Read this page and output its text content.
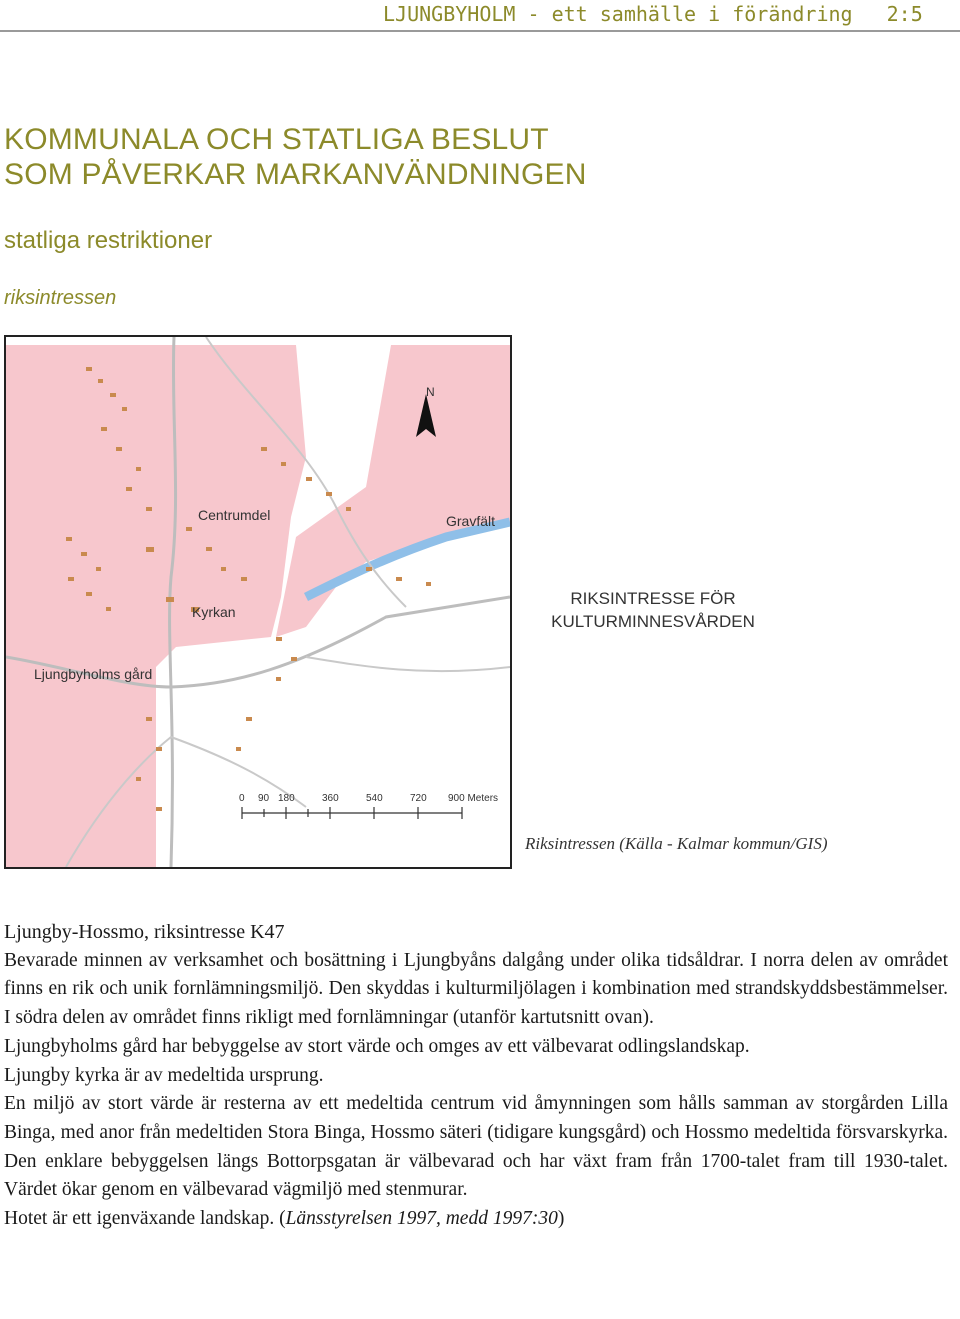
LJUNGBYHOLM - ett samhälle i förändring 2:5
KOMMUNALA OCH STATLIGA BESLUT
SOM PÅVERKAR MARKANVÄNDNINGEN
statliga restriktioner
riksintressen
N
Centrumdel	Gravfält
Kyrkan
Ljungbyholms gård
0 90 180	360	540	720 900 Meters
RIKSINTRESSE FÖR
KULTURMINNESVÅRDEN
Riksintressen (Källa - Kalmar kommun/GIS)

Ljungby-Hossmo, riksintresse K47

Bevarade minnen av verksamhet och bosättning i Ljungbyåns dalgång under olika tidsåldrar. I norra delen av området finns en rik och unik fornlämningsmiljö. Den skyddas i kulturmiljölagen i kombination med strandskyddsbestämmelser. I södra delen av området finns rikligt med fornlämningar (utanför kartutsnitt ovan).

Ljungbyholms gård har bebyggelse av stort värde och omges av ett välbevarat odlingslandskap.

Ljungby kyrka är av medeltida ursprung.

En miljö av stort värde är resterna av ett medeltida centrum vid åmynningen som hålls samman av storgården Lilla Binga, med anor från medeltiden Stora Binga, Hossmo säteri (tidigare kungsgård) och Hossmo medeltida försvarskyrka. Den enklare bebyggelsen längs Bottorpsgatan är välbevarad och har växt fram från 1700-talet fram till 1930-talet. Värdet ökar genom en välbevarad vägmiljö med stenmurar.

Hotet är ett igenväxande landskap. (Länsstyrelsen 1997, medd 1997:30)
